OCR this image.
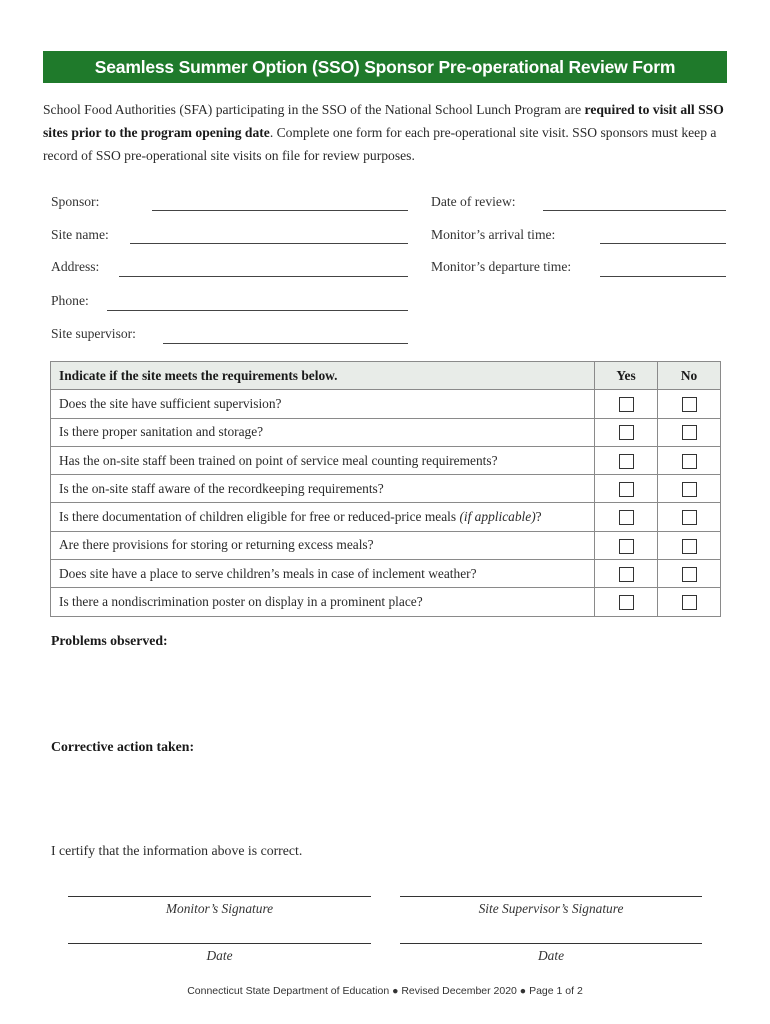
Seamless Summer Option (SSO) Sponsor Pre-operational Review Form

School Food Authorities (SFA) participating in the SSO of the National School Lunch Program are required to visit all SSO sites prior to the program opening date. Complete one form for each pre-operational site visit. SSO sponsors must keep a record of SSO pre-operational site visits on file for review purposes.

Sponsor:
Site name:
Address:
Phone:
Site supervisor:
Date of review:
Monitor’s arrival time:
Monitor’s departure time:
Indicate if the site meets the requirements below.	Yes	No
Does the site have sufficient supervision?		
Is there proper sanitation and storage?		
Has the on-site staff been trained on point of service meal counting requirements?		
Is the on-site staff aware of the recordkeeping requirements?		
Is there documentation of children eligible for free or reduced-price meals (if applicable)?		
Are there provisions for storing or returning excess meals?		
Does site have a place to serve children’s meals in case of inclement weather?		
Is there a nondiscrimination poster on display in a prominent place?		
Problems observed:
Corrective action taken:
I certify that the information above is correct.
Monitor’s Signature	Site Supervisor’s Signature
Date	Date
Connecticut State Department of Education ● Revised December 2020 ● Page 1 of 2
